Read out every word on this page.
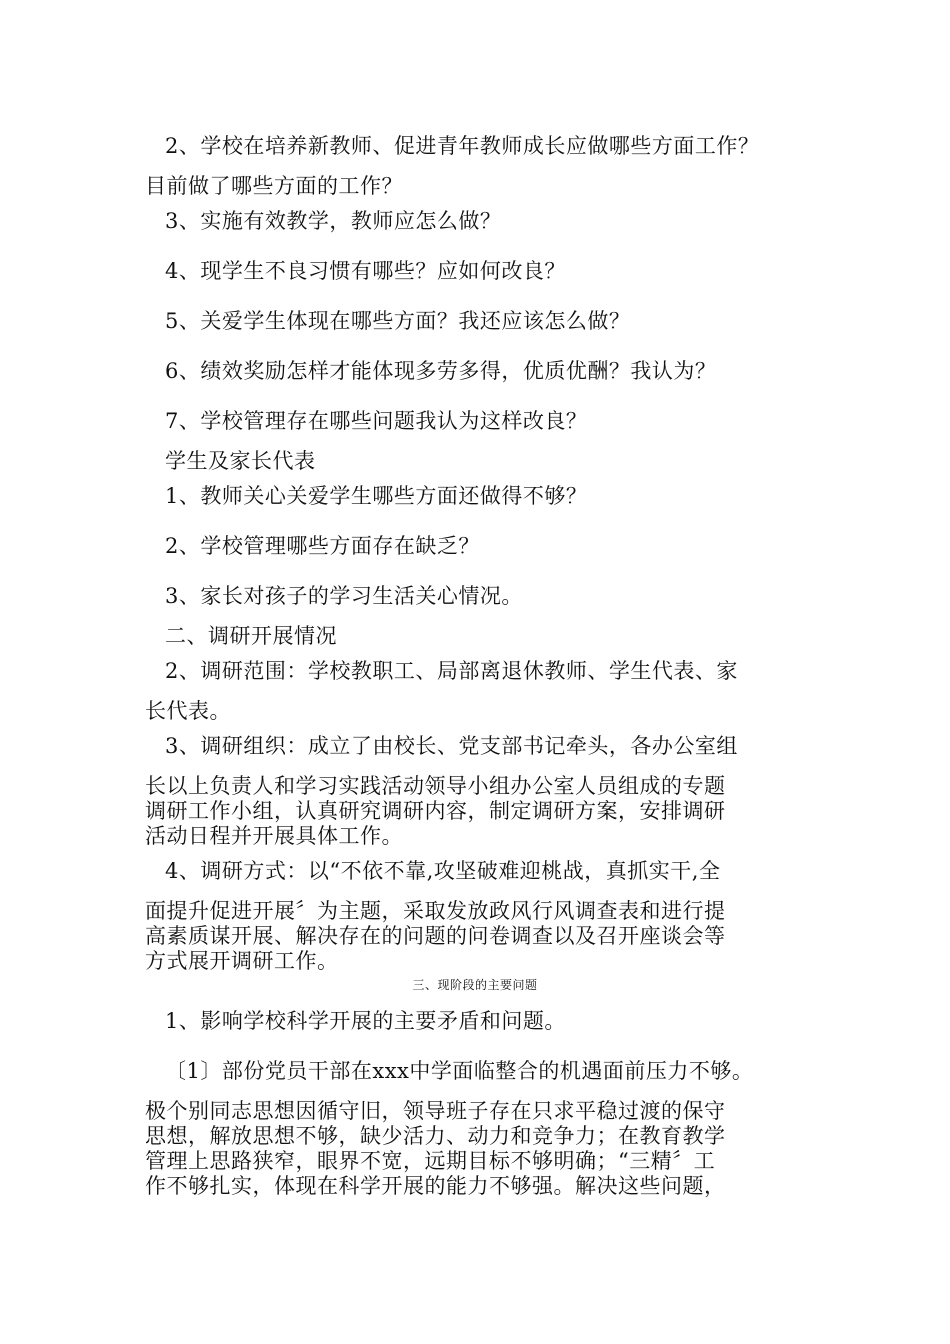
2、学校在培养新教师、促进青年教师成长应做哪些方面工作？
目前做了哪些方面的工作？
3、实施有效教学，教师应怎么做？
4、现学生不良习惯有哪些？应如何改良？
5、关爱学生体现在哪些方面？我还应该怎么做？
6、绩效奖励怎样才能体现多劳多得，优质优酬？我认为？
7、学校管理存在哪些问题我认为这样改良？
学生及家长代表
1、教师关心关爱学生哪些方面还做得不够？
2、学校管理哪些方面存在缺乏？
3、家长对孩子的学习生活关心情况。
二、调研开展情况
2、调研范围：学校教职工、局部离退休教师、学生代表、家
长代表。
3、调研组织：成立了由校长、党支部书记牵头，各办公室组
长以上负责人和学习实践活动领导小组办公室人员组成的专题
调研工作小组，认真研究调研内容，制定调研方案，安排调研
活动日程并开展具体工作。
4、调研方式：以“不依不靠,攻坚破难迎桃战，真抓实干,全
面提升促进开展〞为主题，采取发放政风行风调查表和进行提
高素质谋开展、解决存在的问题的问卷调查以及召开座谈会等
方式展开调研工作。
三、现阶段的主要问题
1、影响学校科学开展的主要矛盾和问题。
〔1〕部份党员干部在xxx中学面临整合的机遇面前压力不够。
极个别同志思想因循守旧，领导班子存在只求平稳过渡的保守
思想，解放思想不够，缺少活力、动力和竞争力；在教育教学
管理上思路狭窄，眼界不宽，远期目标不够明确；“三精〞工
作不够扎实，体现在科学开展的能力不够强。解决这些问题，
